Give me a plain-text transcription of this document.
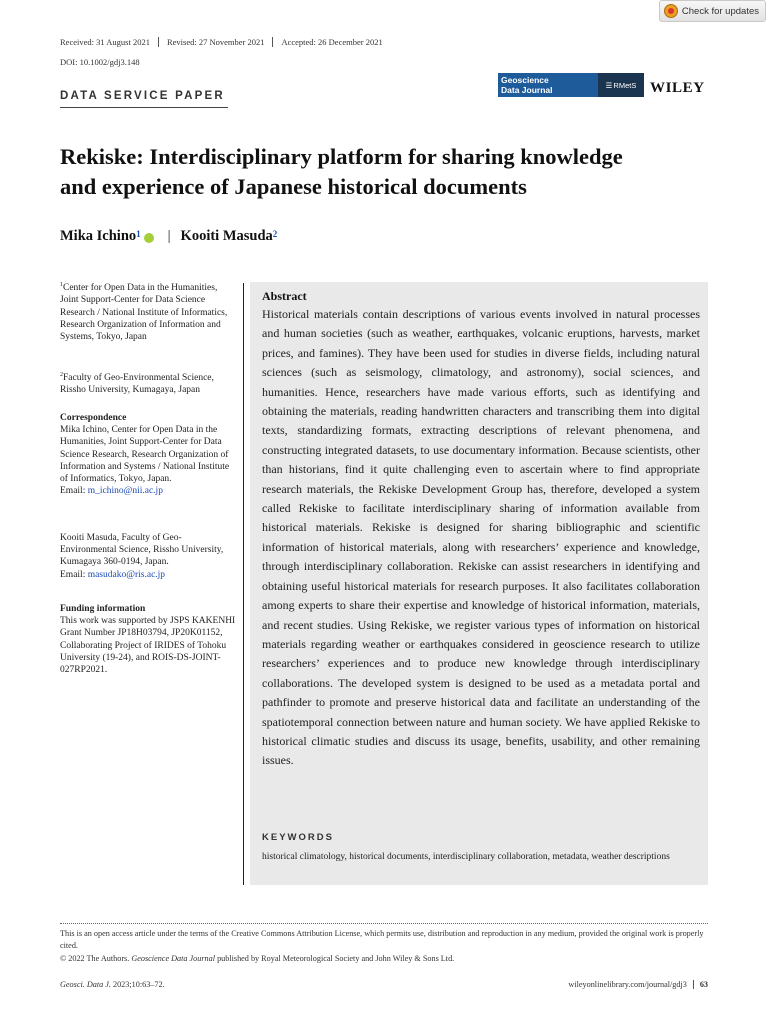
Check for updates
Received: 31 August 2021	Revised: 27 November 2021	Accepted: 26 December 2021
DOI: 10.1002/gdj3.148
DATA SERVICE PAPER
Geoscience
Data Journal	☰ RMetS WILEY
Rekiske: Interdisciplinary platform for sharing knowledge
and experience of Japanese historical documents
Mika Ichino$^1$ | Kooiti Masuda$^2$
$^1$Center for Open Data in the Humanities, Joint Support-Center for Data Science Research / National Institute of Informatics, Research Organization of Information and Systems, Tokyo, Japan
$^2$Faculty of Geo-Environmental Science, Rissho University, Kumagaya, Japan
Correspondence
Mika Ichino, Center for Open Data in the Humanities, Joint Support-Center for Data Science Research, Research Organization of Information and Systems / National Institute of Informatics, Tokyo, Japan.
Email: m_ichino@nii.ac.jp
Kooiti Masuda, Faculty of Geo-Environmental Science, Rissho University, Kumagaya 360-0194, Japan.
Email: masudako@ris.ac.jp
Funding information
This work was supported by JSPS KAKENHI Grant Number JP18H03794, JP20K01152, Collaborating Project of IRIDES of Tohoku University (19-24), and ROIS-DS-JOINT-027RP2021.
Abstract
Historical materials contain descriptions of various events involved in natural processes and human societies (such as weather, earthquakes, volcanic eruptions, harvests, market prices, and famines). They have been used for studies in diverse fields, including natural sciences (such as seismology, climatology, and astronomy), social sciences, and humanities. Hence, researchers have made various efforts, such as identifying and obtaining the materials, reading handwritten characters and transcribing them into digital texts, standardizing formats, extracting descriptions of relevant phenomena, and constructing integrated datasets, to use documentary information. Because scientists, other than historians, find it quite challenging even to ascertain where to find appropriate research materials, the Rekiske Development Group has, therefore, developed a system called Rekiske to facilitate interdisciplinary sharing of information available from historical materials. Rekiske is designed for sharing bibliographic and scientific information of historical materials, along with researchers’ experience and knowledge, through interdisciplinary collaboration. Rekiske can assist researchers in identifying and obtaining useful historical materials for research purposes. It also facilitates collaboration among experts to share their expertise and knowledge of historical information, materials, and recent studies. Using Rekiske, we register various types of information on historical materials regarding weather or earthquakes considered in geoscience research to utilize researchers’ experiences and to produce new knowledge through interdisciplinary collaborations. The developed system is designed to be used as a metadata portal and pathfinder to promote and preserve historical data and facilitate an understanding of the spatiotemporal connection between nature and human society. We have applied Rekiske to historical climatic studies and discuss its usage, benefits, usability, and other remaining issues.
KEYWORDS
historical climatology, historical documents, interdisciplinary collaboration, metadata, weather descriptions
This is an open access article under the terms of the Creative Commons Attribution License, which permits use, distribution and reproduction in any medium, provided the original work is properly cited.
© 2022 The Authors. Geoscience Data Journal published by Royal Meteorological Society and John Wiley & Sons Ltd.
Geosci. Data J. 2023;10:63–72.	wileyonlinelibrary.com/journal/gdj3	63
